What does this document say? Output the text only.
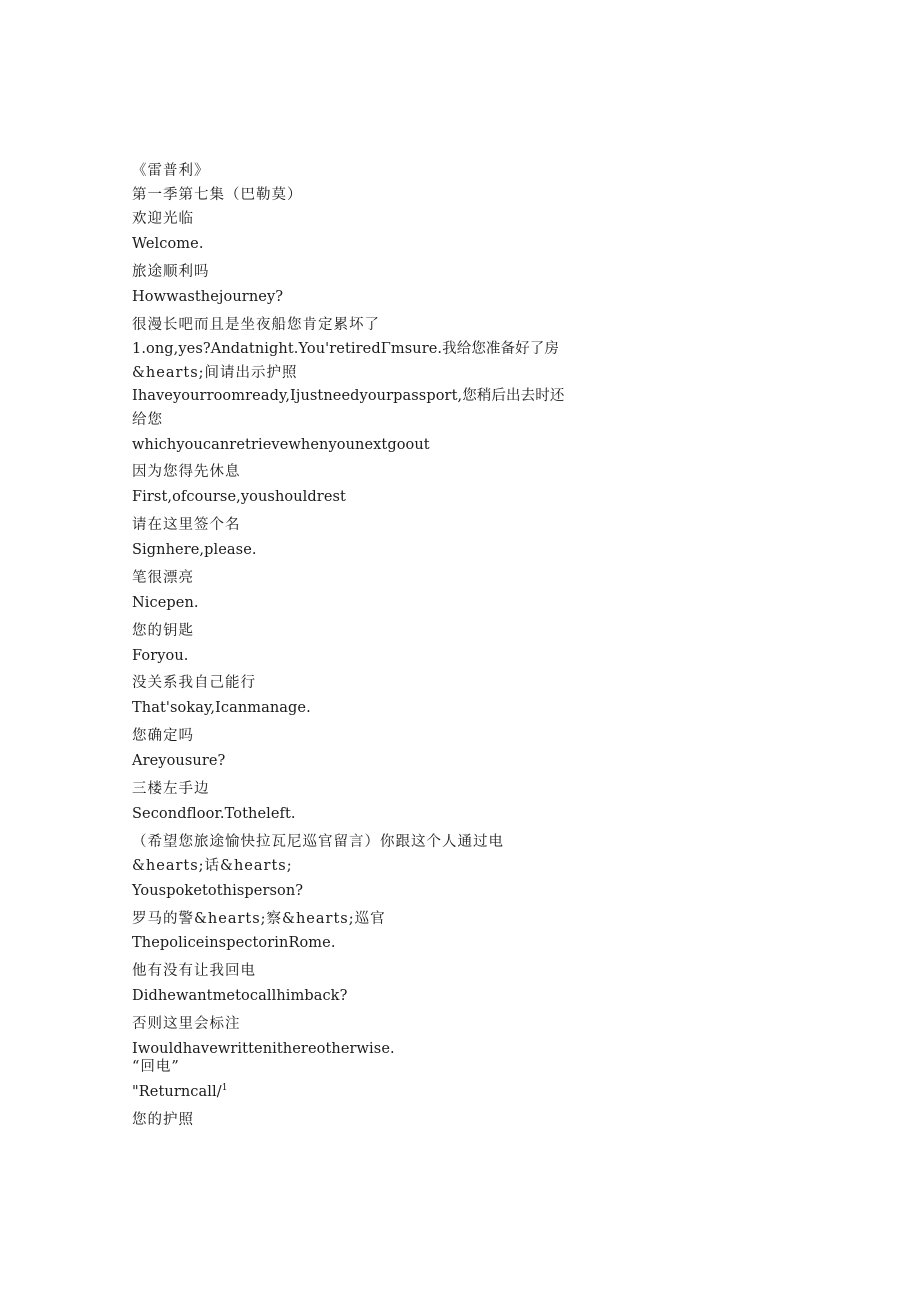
《雷普利》

第一季第七集（巴勒莫）

欢迎光临

Welcome.

旅途顺利吗

Howwasthejourney?

很漫长吧而且是坐夜船您肯定累坏了

1.ong,yes?Andatnight.You'retiredΓmsure.我给您准备好了房

&hearts;间请出示护照

Ihaveyourroomready,Ijustneedyourpassport,您稍后出去时还

给您

whichyoucanretrievewhenyounextgoout

因为您得先休息

First,ofcourse,youshouldrest

请在这里签个名

Signhere,please.

笔很漂亮

Nicepen.

您的钥匙

Foryou.

没关系我自己能行

That'sokay,Icanmanage.

您确定吗

Areyousure?

三楼左手边

Secondfloor.Totheleft.

（希望您旅途愉快拉瓦尼巡官留言）你跟这个人通过电

&hearts;话&hearts;

Youspoketothisperson?

罗马的警&hearts;察&hearts;巡官

ThepoliceinspectorinRome.

他有没有让我回电

Didhewantmetocallhimback?

否则这里会标注

Iwouldhavewrittenithereotherwise.

“回电”

"Returncall/$^1$

您的护照
